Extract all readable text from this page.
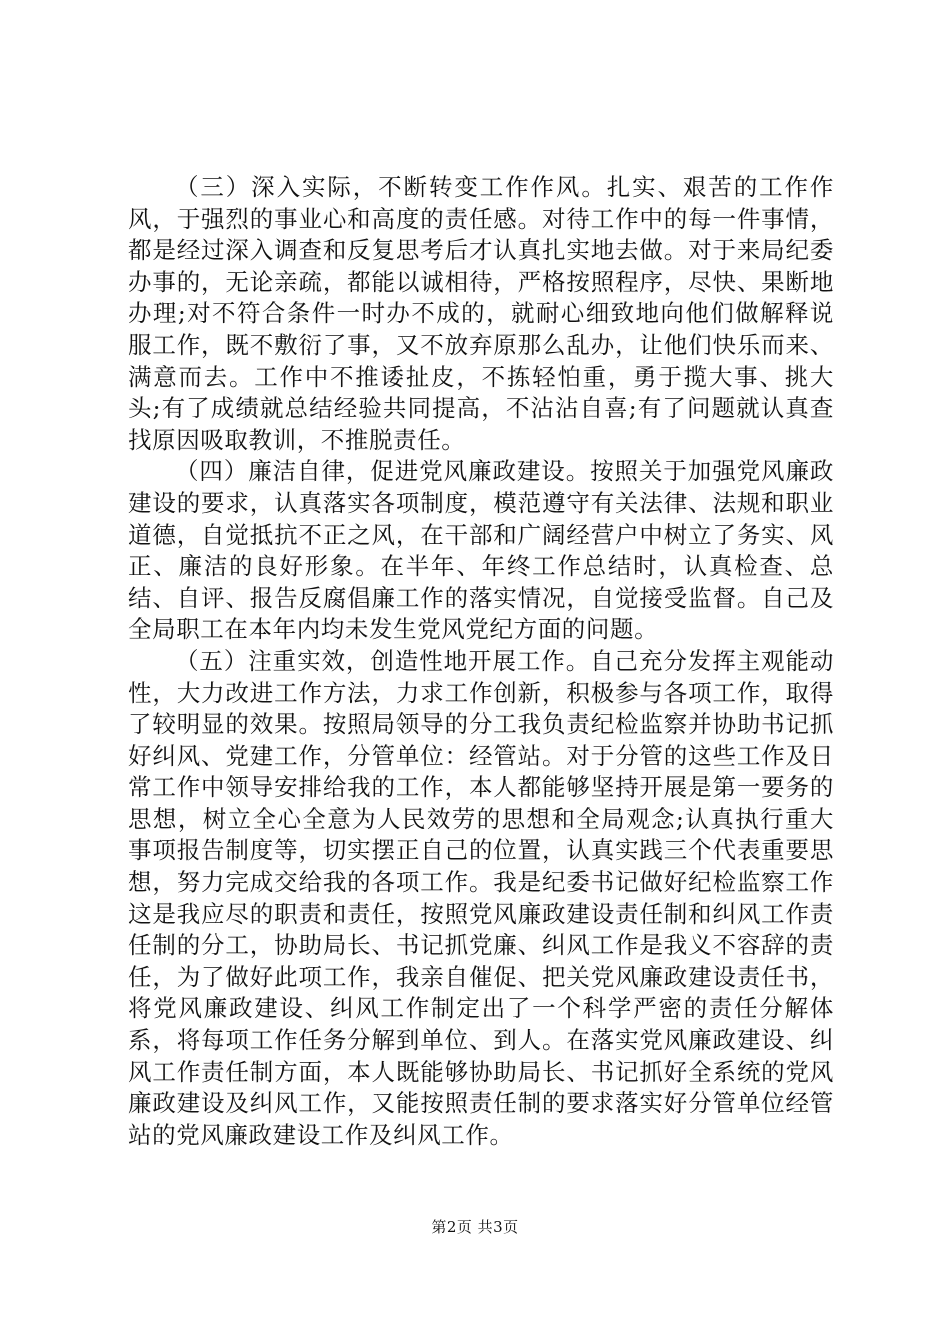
（三）深入实际，不断转变工作作风。扎实、艰苦的工作作风，于强烈的事业心和高度的责任感。对待工作中的每一件事情，都是经过深入调查和反复思考后才认真扎实地去做。对于来局纪委办事的，无论亲疏，都能以诚相待，严格按照程序，尽快、果断地办理;对不符合条件一时办不成的，就耐心细致地向他们做解释说服工作，既不敷衍了事，又不放弃原那么乱办，让他们快乐而来、满意而去。工作中不推诿扯皮，不拣轻怕重，勇于揽大事、挑大头;有了成绩就总结经验共同提高，不沾沾自喜;有了问题就认真查找原因吸取教训，不推脱责任。

（四）廉洁自律，促进党风廉政建设。按照关于加强党风廉政建设的要求，认真落实各项制度，模范遵守有关法律、法规和职业道德，自觉抵抗不正之风，在干部和广阔经营户中树立了务实、风正、廉洁的良好形象。在半年、年终工作总结时，认真检查、总结、自评、报告反腐倡廉工作的落实情况，自觉接受监督。自己及全局职工在本年内均未发生党风党纪方面的问题。

（五）注重实效，创造性地开展工作。自己充分发挥主观能动性，大力改进工作方法，力求工作创新，积极参与各项工作，取得了较明显的效果。按照局领导的分工我负责纪检监察并协助书记抓好纠风、党建工作，分管单位：经管站。对于分管的这些工作及日常工作中领导安排给我的工作，本人都能够坚持开展是第一要务的思想，树立全心全意为人民效劳的思想和全局观念;认真执行重大事项报告制度等，切实摆正自己的位置，认真实践三个代表重要思想，努力完成交给我的各项工作。我是纪委书记做好纪检监察工作这是我应尽的职责和责任，按照党风廉政建设责任制和纠风工作责任制的分工，协助局长、书记抓党廉、纠风工作是我义不容辞的责任，为了做好此项工作，我亲自催促、把关党风廉政建设责任书，将党风廉政建设、纠风工作制定出了一个科学严密的责任分解体系，将每项工作任务分解到单位、到人。在落实党风廉政建设、纠风工作责任制方面，本人既能够协助局长、书记抓好全系统的党风廉政建设及纠风工作，又能按照责任制的要求落实好分管单位经管站的党风廉政建设工作及纠风工作。

第2页 共3页
